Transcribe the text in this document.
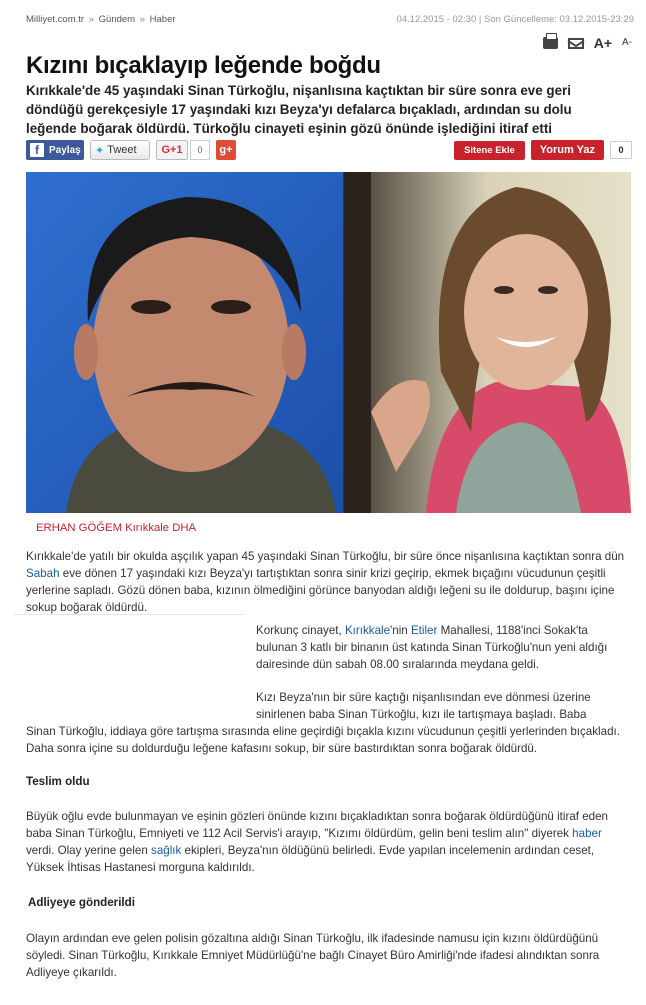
Milliyet.com.tr » Gündem » Haber	04.12.2015 - 02:30 | Son Güncelleme: 03.12.2015-23:29
A+ A-
Kızını bıçaklayıp leğende boğdu

Kırıkkale'de 45 yaşındaki Sinan Türkoğlu, nişanlısına kaçtıktan bir süre sonra eve geri döndüğü gerekçesiyle 17 yaşındaki kızı Beyza'yı defalarca bıçakladı, ardından su dolu leğende boğarak öldürdü. Türkoğlu cinayeti eşinin gözü önünde işlediğini itiraf etti

f	Paylaş ✦ Tweet	G+1	0	g+	Sitene Ekle	Yorum Yaz	0
ERHAN GÖĞEM Kırıkkale DHA

Kırıkkale'de yatılı bir okulda aşçılık yapan 45 yaşındaki Sinan Türkoğlu, bir süre önce nişanlısına kaçtıktan sonra dün Sabah eve dönen 17 yaşındaki kızı Beyza'yı tartıştıktan sonra sinir krizi geçirip, ekmek bıçağını vücudunun çeşitli yerlerine sapladı. Gözü dönen baba, kızının ölmediğini görünce banyodan aldığı leğeni su ile doldurup, başını içine sokup boğarak öldürdü.

Korkunç cinayet, Kırıkkale'nin Etiler Mahallesi, 1188'inci Sokak'ta bulunan 3 katlı bir binanın üst katında Sinan Türkoğlu'nun yeni aldığı dairesinde dün sabah 08.00 sıralarında meydana geldi.

Kızı Beyza'nın bir süre kaçtığı nişanlısından eve dönmesi üzerine sinirlenen baba Sinan Türkoğlu, kızı ile tartışmaya başladı. Baba

Sinan Türkoğlu, iddiaya göre tartışma sırasında eline geçirdiği bıçakla kızını vücudunun çeşitli yerlerinden bıçakladı. Daha sonra içine su doldurduğu leğene kafasını sokup, bir süre bastırdıktan sonra boğarak öldürdü.

Teslim oldu

Büyük oğlu evde bulunmayan ve eşinin gözleri önünde kızını bıçakladıktan sonra boğarak öldürdüğünü itiraf eden baba Sinan Türkoğlu, Emniyeti ve 112 Acil Servis'i arayıp, "Kızımı öldürdüm, gelin beni teslim alın" diyerek haber verdi. Olay yerine gelen sağlık ekipleri, Beyza'nın öldüğünü belirledi. Evde yapılan incelemenin ardından ceset, Yüksek İhtisas Hastanesi morguna kaldırıldı.

Adliyeye gönderildi

Olayın ardından eve gelen polisin gözaltına aldığı Sinan Türkoğlu, ilk ifadesinde namusu için kızını öldürdüğünü söyledi. Sinan Türkoğlu, Kırıkkale Emniyet Müdürlüğü'ne bağlı Cinayet Büro Amirliği'nde ifadesi alındıktan sonra Adliyeye çıkarıldı.
